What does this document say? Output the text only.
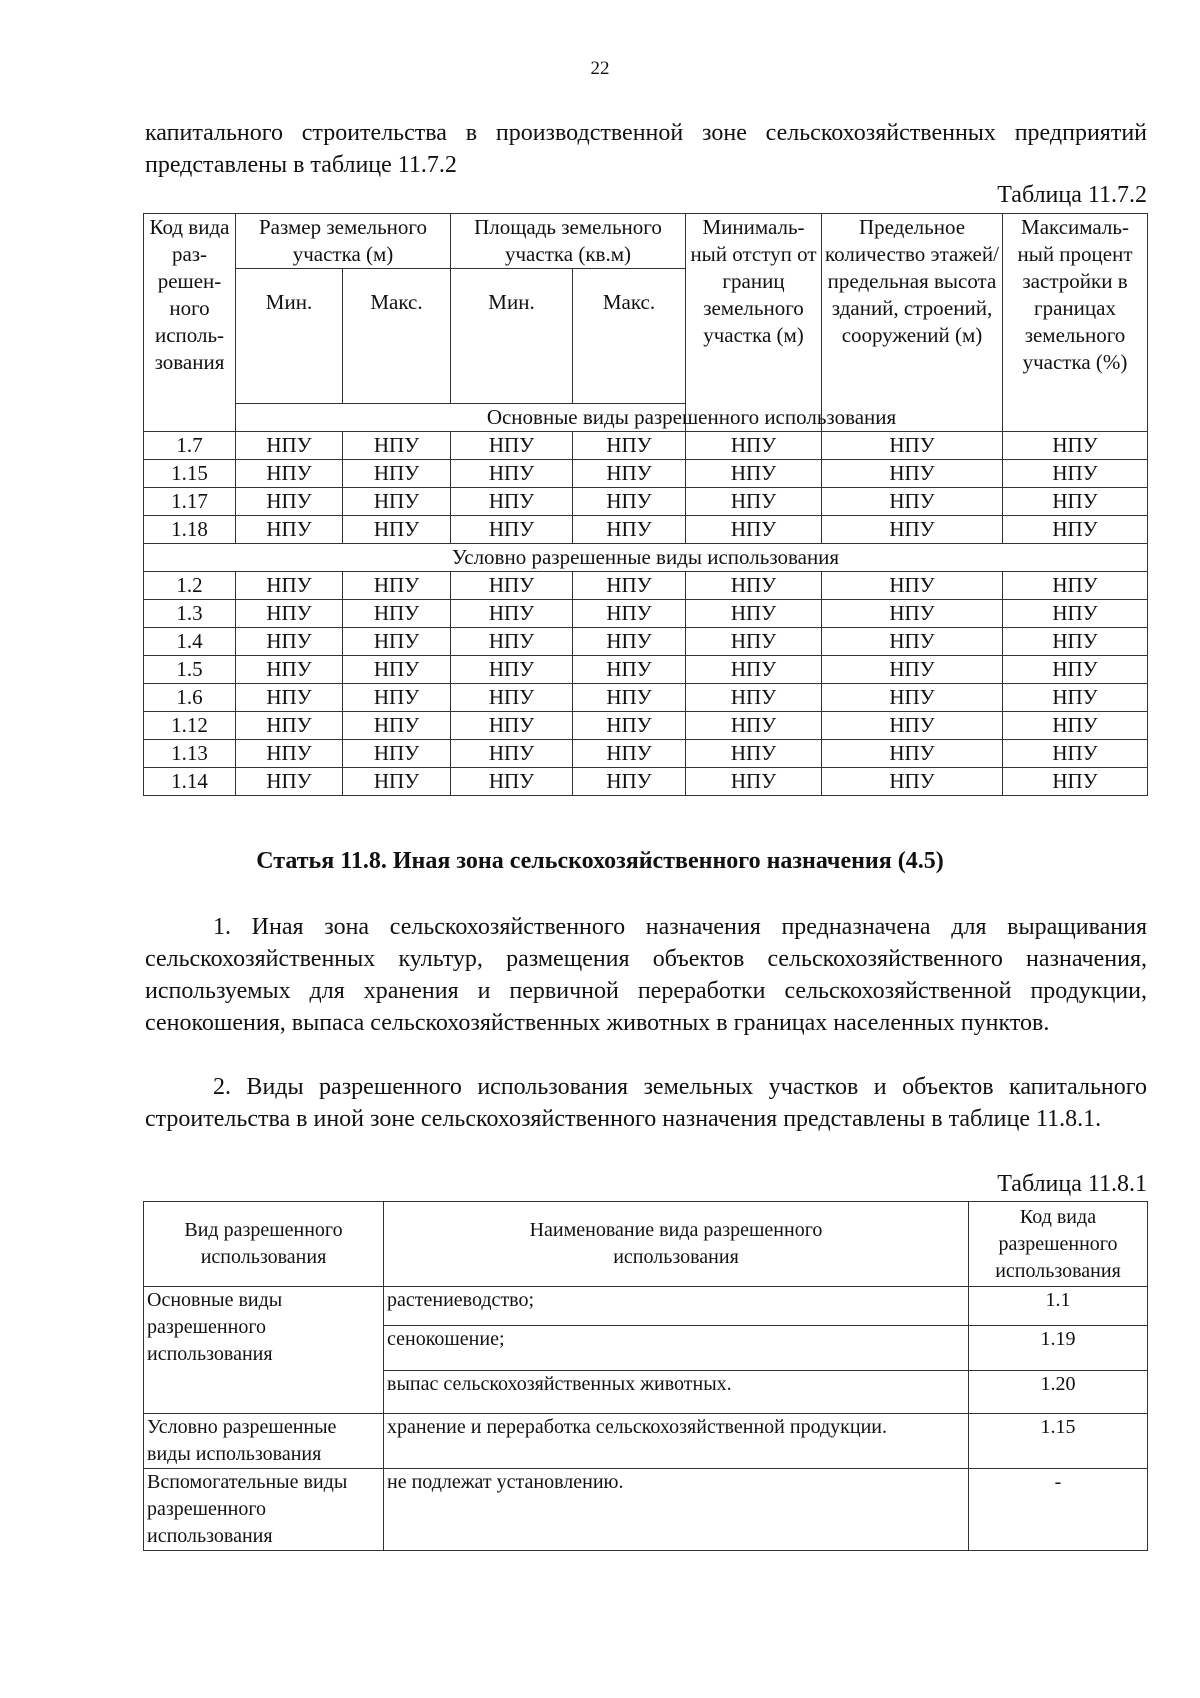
22

капитального строительства в производственной зоне сельскохозяйственных предприятий представлены в таблице 11.7.2

Таблица 11.7.2
Код вида раз- решен- ного исполь- зования	Размер земельного участка (м)		Площадь земельного участка (кв.м)		Минималь- ный отступ от границ земельного участка (м)	Предельное количество этажей/ предельная высота зданий, строений, сооружений (м)	Максималь- ный процент застройки в границах земельного участка (%)
	Мин.	Макс.	Мин.	Макс.			
	Основные виды разрешенного использования						
1.7	НПУ	НПУ	НПУ	НПУ	НПУ	НПУ	НПУ
1.15	НПУ	НПУ	НПУ	НПУ	НПУ	НПУ	НПУ
1.17	НПУ	НПУ	НПУ	НПУ	НПУ	НПУ	НПУ
1.18	НПУ	НПУ	НПУ	НПУ	НПУ	НПУ	НПУ
Условно разрешенные виды использования							
1.2	НПУ	НПУ	НПУ	НПУ	НПУ	НПУ	НПУ
1.3	НПУ	НПУ	НПУ	НПУ	НПУ	НПУ	НПУ
1.4	НПУ	НПУ	НПУ	НПУ	НПУ	НПУ	НПУ
1.5	НПУ	НПУ	НПУ	НПУ	НПУ	НПУ	НПУ
1.6	НПУ	НПУ	НПУ	НПУ	НПУ	НПУ	НПУ
1.12	НПУ	НПУ	НПУ	НПУ	НПУ	НПУ	НПУ
1.13	НПУ	НПУ	НПУ	НПУ	НПУ	НПУ	НПУ
1.14	НПУ	НПУ	НПУ	НПУ	НПУ	НПУ	НПУ
Статья 11.8. Иная зона сельскохозяйственного назначения (4.5)

1. Иная зона сельскохозяйственного назначения предназначена для выращивания сельскохозяйственных культур, размещения объектов сельскохозяйственного назначения, используемых для хранения и первичной переработки сельскохозяйственной продукции, сенокошения, выпаса сельскохозяйственных животных в границах населенных пунктов.

2. Виды разрешенного использования земельных участков и объектов капитального строительства в иной зоне сельскохозяйственного назначения представлены в таблице 11.8.1.

Таблица 11.8.1
Вид разрешенного использования	Наименование вида разрешенного использования	Код вида разрешенного использования
Основные виды разрешенного использования	растениеводство;	1.1
	сенокошение;	1.19
	выпас сельскохозяйственных животных.	1.20
Условно разрешенные виды использования	хранение и переработка сельскохозяйственной продукции.	1.15
Вспомогательные виды разрешенного использования	не подлежат установлению.	-
